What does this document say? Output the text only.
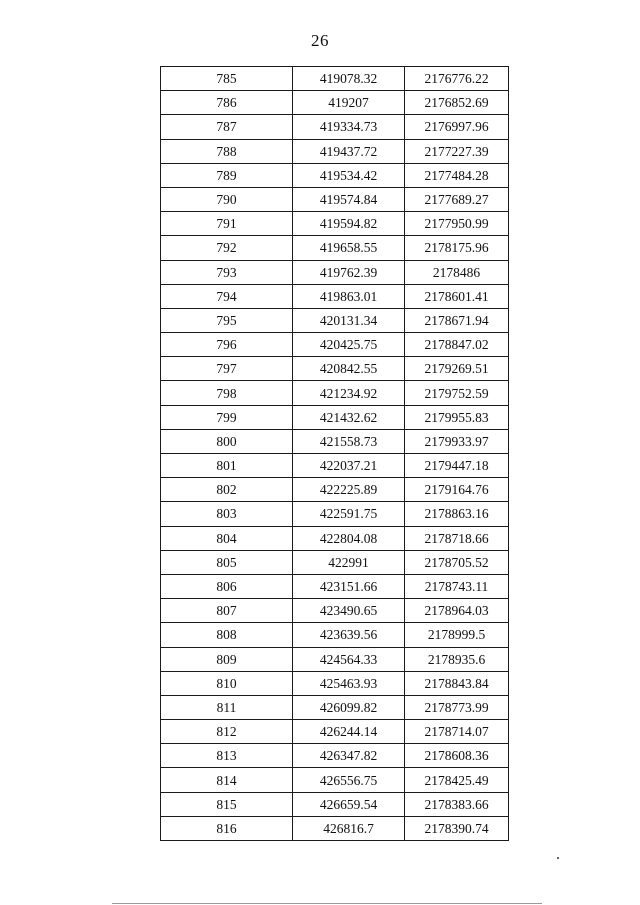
26
785	419078.32	2176776.22
786	419207	2176852.69
787	419334.73	2176997.96
788	419437.72	2177227.39
789	419534.42	2177484.28
790	419574.84	2177689.27
791	419594.82	2177950.99
792	419658.55	2178175.96
793	419762.39	2178486
794	419863.01	2178601.41
795	420131.34	2178671.94
796	420425.75	2178847.02
797	420842.55	2179269.51
798	421234.92	2179752.59
799	421432.62	2179955.83
800	421558.73	2179933.97
801	422037.21	2179447.18
802	422225.89	2179164.76
803	422591.75	2178863.16
804	422804.08	2178718.66
805	422991	2178705.52
806	423151.66	2178743.11
807	423490.65	2178964.03
808	423639.56	2178999.5
809	424564.33	2178935.6
810	425463.93	2178843.84
811	426099.82	2178773.99
812	426244.14	2178714.07
813	426347.82	2178608.36
814	426556.75	2178425.49
815	426659.54	2178383.66
816	426816.7	2178390.74
